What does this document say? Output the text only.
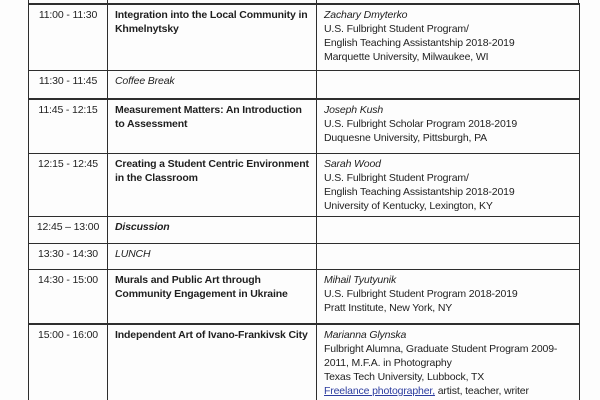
11:00 - 11:30	Integration into the Local Community in Khmelnytsky	Zachary Dmyterko
U.S. Fulbright Student Program/
English Teaching Assistantship 2018-2019
Marquette University, Milwaukee, WI

11:30 - 11:45	Coffee Break	

11:45 - 12:15	Measurement Matters: An Introduction to Assessment	Joseph Kush
U.S. Fulbright Scholar Program 2018-2019
Duquesne University, Pittsburgh, PA

12:15 - 12:45	Creating a Student Centric Environment in the Classroom	Sarah Wood
U.S. Fulbright Student Program/
English Teaching Assistantship 2018-2019
University of Kentucky, Lexington, KY

12:45 – 13:00	Discussion	

13:30 - 14:30	LUNCH	

14:30 - 15:00	Murals and Public Art through Community Engagement in Ukraine	Mihail Tyutyunik
U.S. Fulbright Student Program 2018-2019
Pratt Institute, New York, NY

15:00 - 16:00	Independent Art of Ivano-Frankivsk City	Marianna Glynska
Fulbright Alumna, Graduate Student Program 2009-2011, M.F.A. in Photography
Texas Tech University, Lubbock, TX
Freelance photographer, artist, teacher, writer
